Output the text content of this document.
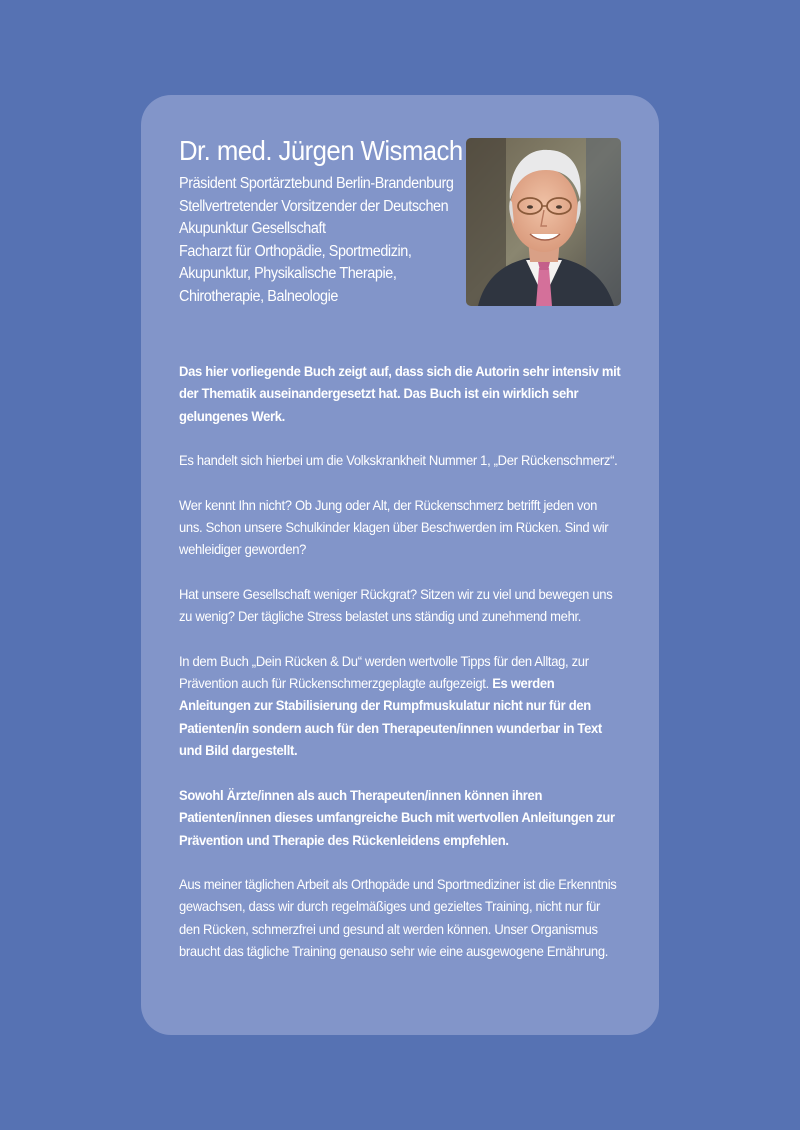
Dr. med. Jürgen Wismach
Präsident Sportärztebund Berlin-Brandenburg
Stellvertretender Vorsitzender der Deutschen
Akupunktur Gesellschaft
Facharzt für Orthopädie, Sportmedizin,
Akupunktur, Physikalische Therapie,
Chirotherapie, Balneologie

Das hier vorliegende Buch zeigt auf, dass sich die Autorin sehr intensiv mit der Thematik auseinandergesetzt hat. Das Buch ist ein wirklich sehr gelungenes Werk.

Es handelt sich hierbei um die Volkskrankheit Nummer 1, „Der Rückenschmerz“.

Wer kennt Ihn nicht? Ob Jung oder Alt, der Rückenschmerz betrifft jeden von uns. Schon unsere Schulkinder klagen über Beschwerden im Rücken. Sind wir wehleidiger geworden?

Hat unsere Gesellschaft weniger Rückgrat? Sitzen wir zu viel und bewegen uns zu wenig? Der tägliche Stress belastet uns ständig und zunehmend mehr.

In dem Buch „Dein Rücken & Du“ werden wertvolle Tipps für den Alltag, zur Prävention auch für Rückenschmerzgeplagte aufgezeigt. Es werden Anleitungen zur Stabilisierung der Rumpfmuskulatur nicht nur für den Patienten/in sondern auch für den Therapeuten/innen wunderbar in Text und Bild dargestellt.

Sowohl Ärzte/innen als auch Therapeuten/innen können ihren Patienten/innen dieses umfangreiche Buch mit wertvollen Anleitungen zur Prävention und Therapie des Rückenleidens empfehlen.

Aus meiner täglichen Arbeit als Orthopäde und Sportmediziner ist die Erkenntnis gewachsen, dass wir durch regelmäßiges und gezieltes Training, nicht nur für den Rücken, schmerzfrei und gesund alt werden können. Unser Organismus braucht das tägliche Training genauso sehr wie eine ausgewogene Ernährung.
